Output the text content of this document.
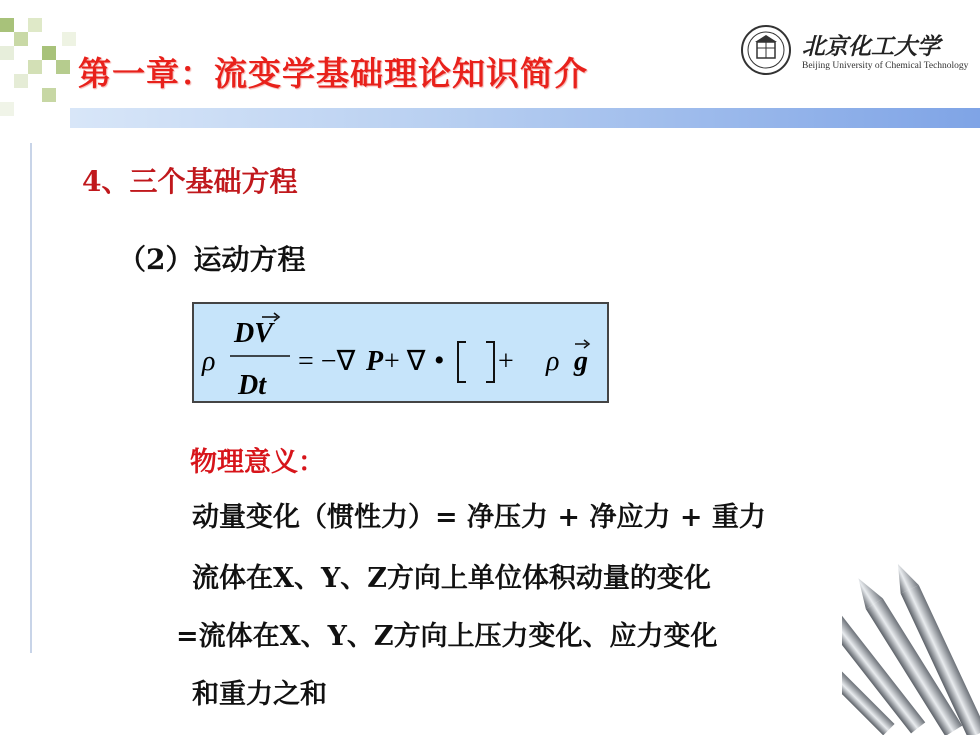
第一章：流变学基础理论知识简介
北京化工大学
Beijing University of Chemical Technology
4、三个基础方程
（2）运动方程
ρ
DV
Dt
= −∇ P + ∇ • + ρ g
物理意义：
动量变化（惯性力）= 净压力 + 净应力 + 重力
流体在X、Y、Z方向上单位体积动量的变化
=流体在X、Y、Z方向上压力变化、应力变化
和重力之和
